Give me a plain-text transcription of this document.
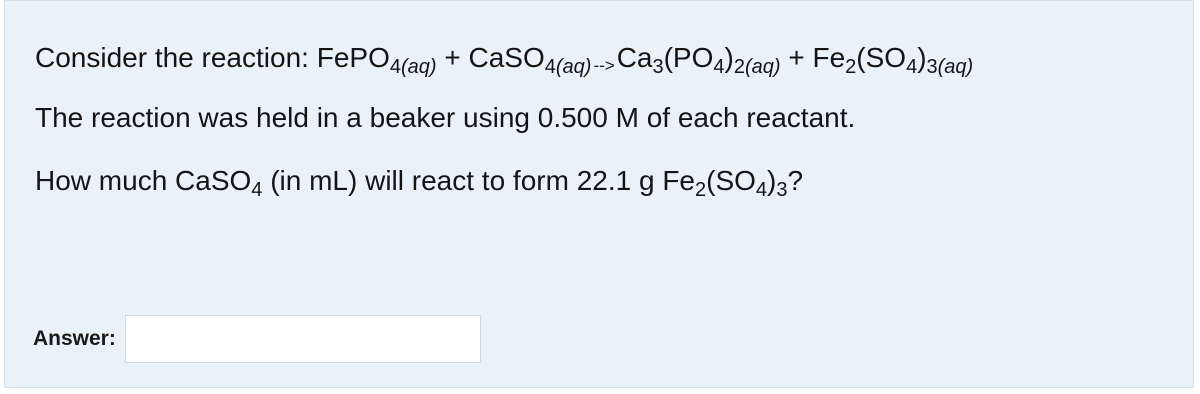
Consider the reaction: FePO$_{4(aq)}$ + CaSO$_{4(aq)}$ $-->Ca_3(PO_4)_{2(aq)} + Fe_2(SO_4)_{3(aq)}$
The reaction was held in a beaker using 0.500 M of each reactant.
How much CaSO$_4$ (in mL) will react to form 22.1 g $Fe_2(SO_4)_3$?
Answer:
